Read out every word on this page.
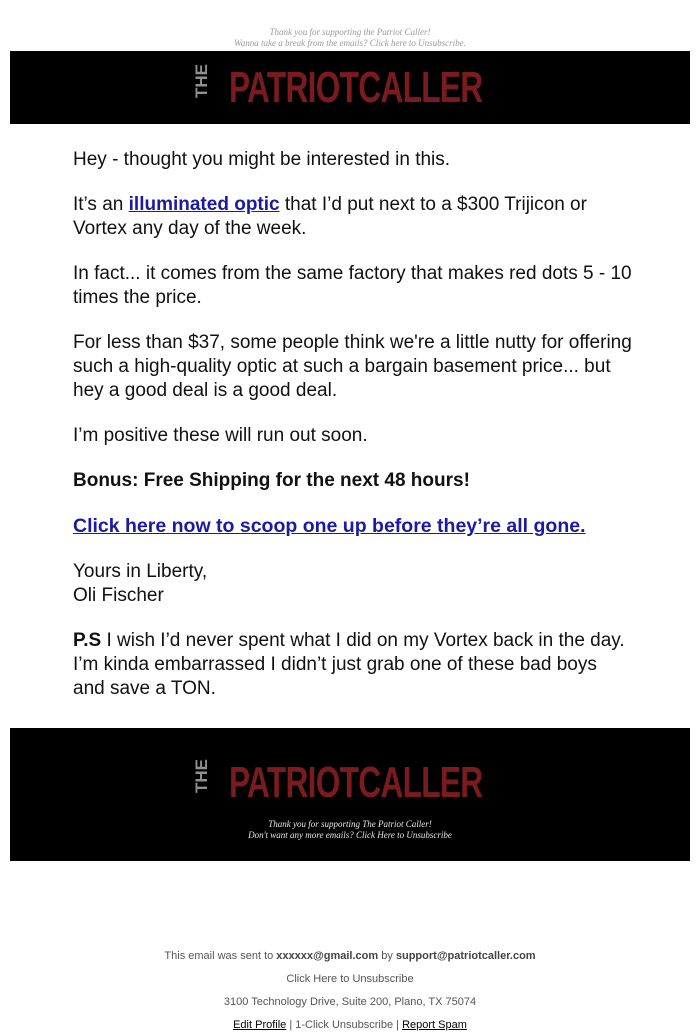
Thank you for supporting the Patriot Caller!
Wanna take a break from the emails? Click here to Unsubscribe.
THE PATRIOTCALLER

Hey - thought you might be interested in this.

It’s an illuminated optic that I’d put next to a $300 Trijicon or Vortex any day of the week.

In fact... it comes from the same factory that makes red dots 5 - 10 times the price.

For less than $37, some people think we're a little nutty for offering such a high-quality optic at such a bargain basement price... but hey a good deal is a good deal.

I’m positive these will run out soon.

Bonus: Free Shipping for the next 48 hours!

Click here now to scoop one up before they’re all gone.

Yours in Liberty,
Oli Fischer

P.S I wish I’d never spent what I did on my Vortex back in the day. I’m kinda embarrassed I didn’t just grab one of these bad boys and save a TON.

THE PATRIOTCALLER
Thank you for supporting The Patriot Caller!
Don't want any more emails? Click Here to Unsubscribe
This email was sent to xxxxxx@gmail.com by support@patriotcaller.com
Click Here to Unsubscribe
3100 Technology Drive, Suite 200, Plano, TX 75074
Edit Profile | 1-Click Unsubscribe | Report Spam
